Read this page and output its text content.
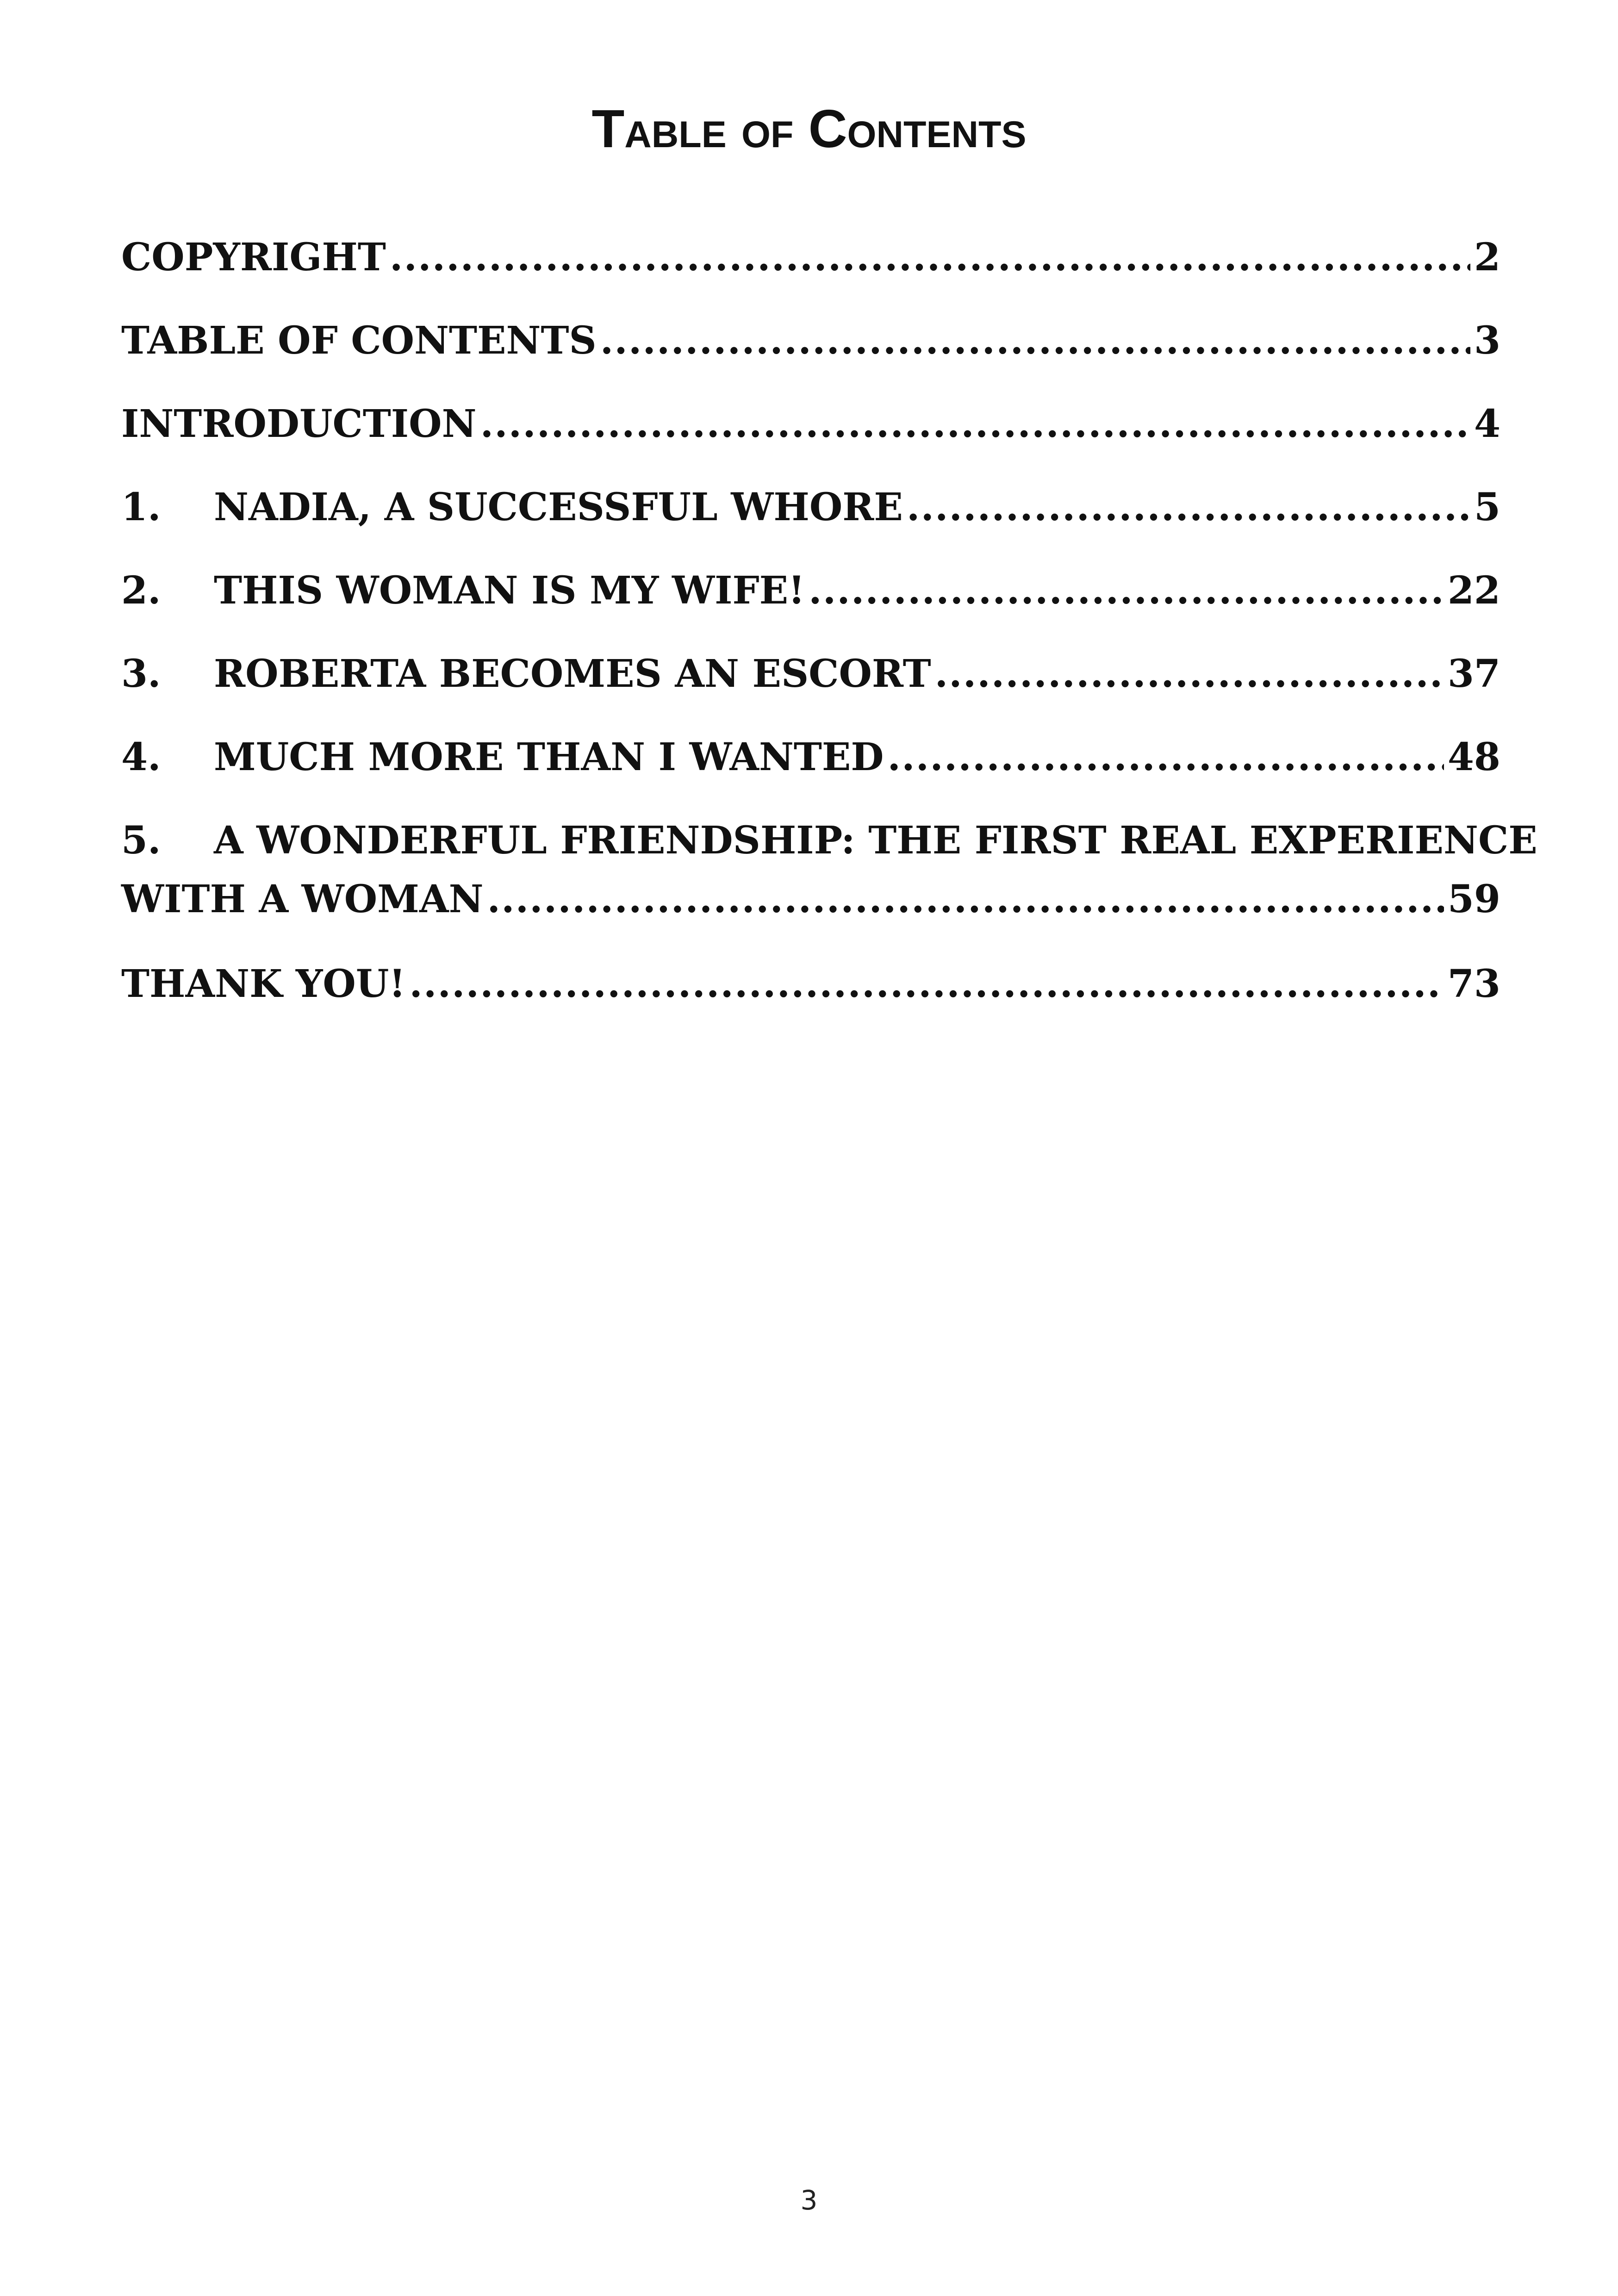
Table of Contents
COPYRIGHT .....	2
TABLE OF CONTENTS .....	3
INTRODUCTION .....	4
1.	NADIA, A SUCCESSFUL WHORE .....	5
2.	THIS WOMAN IS MY WIFE! .....	22
3.	ROBERTA BECOMES AN ESCORT .....	37
4.	MUCH MORE THAN I WANTED .....	48
5.	A WONDERFUL FRIENDSHIP: THE FIRST REAL EXPERIENCE
WITH A WOMAN .....	59
THANK YOU! .....	73
3
